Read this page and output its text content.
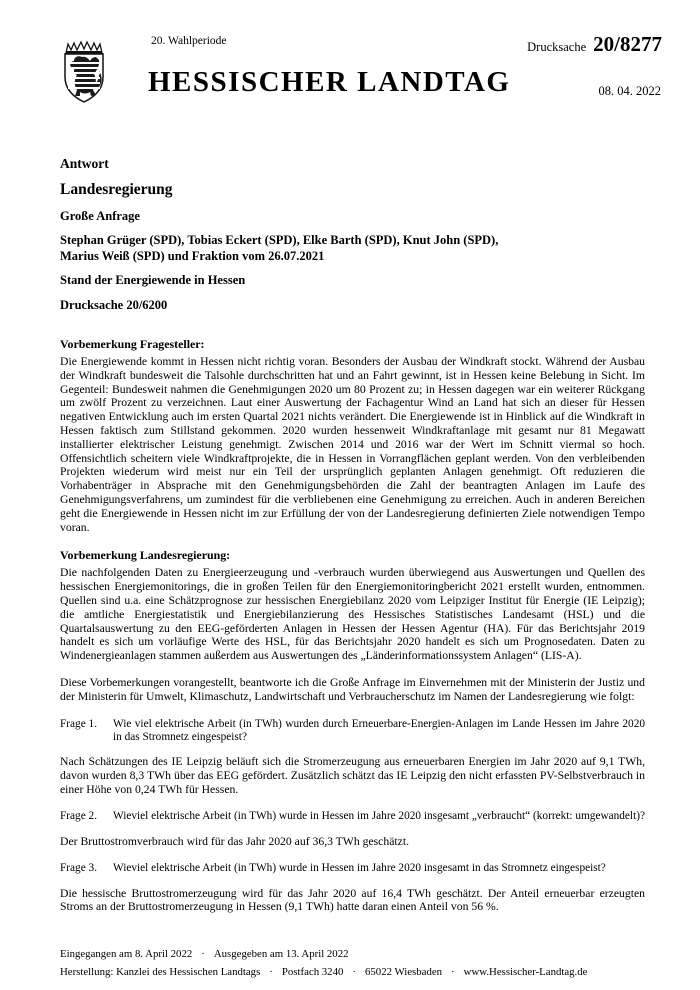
20. Wahlperiode
HESSISCHER LANDTAG
Drucksache 20/8277
08. 04. 2022
Antwort
Landesregierung
Große Anfrage
Stephan Grüger (SPD), Tobias Eckert (SPD), Elke Barth (SPD), Knut John (SPD),
Marius Weiß (SPD) und Fraktion vom 26.07.2021
Stand der Energiewende in Hessen
Drucksache 20/6200
Vorbemerkung Fragesteller:

Die Energiewende kommt in Hessen nicht richtig voran. Besonders der Ausbau der Windkraft stockt. Während der Ausbau der Windkraft bundesweit die Talsohle durchschritten hat und an Fahrt gewinnt, ist in Hessen keine Belebung in Sicht. Im Gegenteil: Bundesweit nahmen die Genehmigungen 2020 um 80 Prozent zu; in Hessen dagegen war ein weiterer Rückgang um zwölf Prozent zu verzeichnen. Laut einer Auswertung der Fachagentur Wind an Land hat sich an dieser für Hessen negativen Entwicklung auch im ersten Quartal 2021 nichts verändert. Die Energiewende ist in Hinblick auf die Windkraft in Hessen faktisch zum Stillstand gekommen. 2020 wurden hessenweit Windkraftanlage mit gesamt nur 81 Megawatt installierter elektrischer Leistung genehmigt. Zwischen 2014 und 2016 war der Wert im Schnitt viermal so hoch. Offensichtlich scheitern viele Windkraftprojekte, die in Hessen in Vorrangflächen geplant werden. Von den verbleibenden Projekten wiederum wird meist nur ein Teil der ursprünglich geplanten Anlagen genehmigt. Oft reduzieren die Vorhabenträger in Absprache mit den Genehmigungsbehörden die Zahl der beantragten Anlagen im Laufe des Genehmigungsverfahrens, um zumindest für die verbliebenen eine Genehmigung zu erreichen. Auch in anderen Bereichen geht die Energiewende in Hessen nicht im zur Erfüllung der von der Landesregierung definierten Ziele notwendigen Tempo voran.

Vorbemerkung Landesregierung:

Die nachfolgenden Daten zu Energieerzeugung und -verbrauch wurden überwiegend aus Auswertungen und Quellen des hessischen Energiemonitorings, die in großen Teilen für den Energiemonitoringbericht 2021 erstellt wurden, entnommen. Quellen sind u.a. eine Schätzprognose zur hessischen Energiebilanz 2020 vom Leipziger Institut für Energie (IE Leipzig); die amtliche Energiestatistik und Energiebilanzierung des Hessisches Statistisches Landesamt (HSL) und die Quartalsauswertung zu den EEG-geförderten Anlagen in Hessen der Hessen Agentur (HA). Für das Berichtsjahr 2019 handelt es sich um vorläufige Werte des HSL, für das Berichtsjahr 2020 handelt es sich um Prognosedaten. Daten zu Windenergieanlagen stammen außerdem aus Auswertungen des „Länderinformationssystem Anlagen“ (LIS-A).

Diese Vorbemerkungen vorangestellt, beantworte ich die Große Anfrage im Einvernehmen mit der Ministerin der Justiz und der Ministerin für Umwelt, Klimaschutz, Landwirtschaft und Verbraucherschutz im Namen der Landesregierung wie folgt:

Frage 1.	Wie viel elektrische Arbeit (in TWh) wurden durch Erneuerbare-Energien-Anlagen im Lande Hessen im Jahre 2020 in das Stromnetz eingespeist?

Nach Schätzungen des IE Leipzig beläuft sich die Stromerzeugung aus erneuerbaren Energien im Jahr 2020 auf 9,1 TWh, davon wurden 8,3 TWh über das EEG gefördert. Zusätzlich schätzt das IE Leipzig den nicht erfassten PV-Selbstverbrauch in einer Höhe von 0,24 TWh für Hessen.

Frage 2.	Wieviel elektrische Arbeit (in TWh) wurde in Hessen im Jahre 2020 insgesamt „verbraucht“ (korrekt: umgewandelt)?

Der Bruttostromverbrauch wird für das Jahr 2020 auf 36,3 TWh geschätzt.

Frage 3.	Wieviel elektrische Arbeit (in TWh) wurde in Hessen im Jahre 2020 insgesamt in das Stromnetz eingespeist?

Die hessische Bruttostromerzeugung wird für das Jahr 2020 auf 16,4 TWh geschätzt. Der Anteil erneuerbar erzeugten Stroms an der Bruttostromerzeugung in Hessen (9,1 TWh) hatte daran einen Anteil von 56 %.

Eingegangen am 8. April 2022 · Ausgegeben am 13. April 2022
Herstellung: Kanzlei des Hessischen Landtags · Postfach 3240 · 65022 Wiesbaden · www.Hessischer-Landtag.de
